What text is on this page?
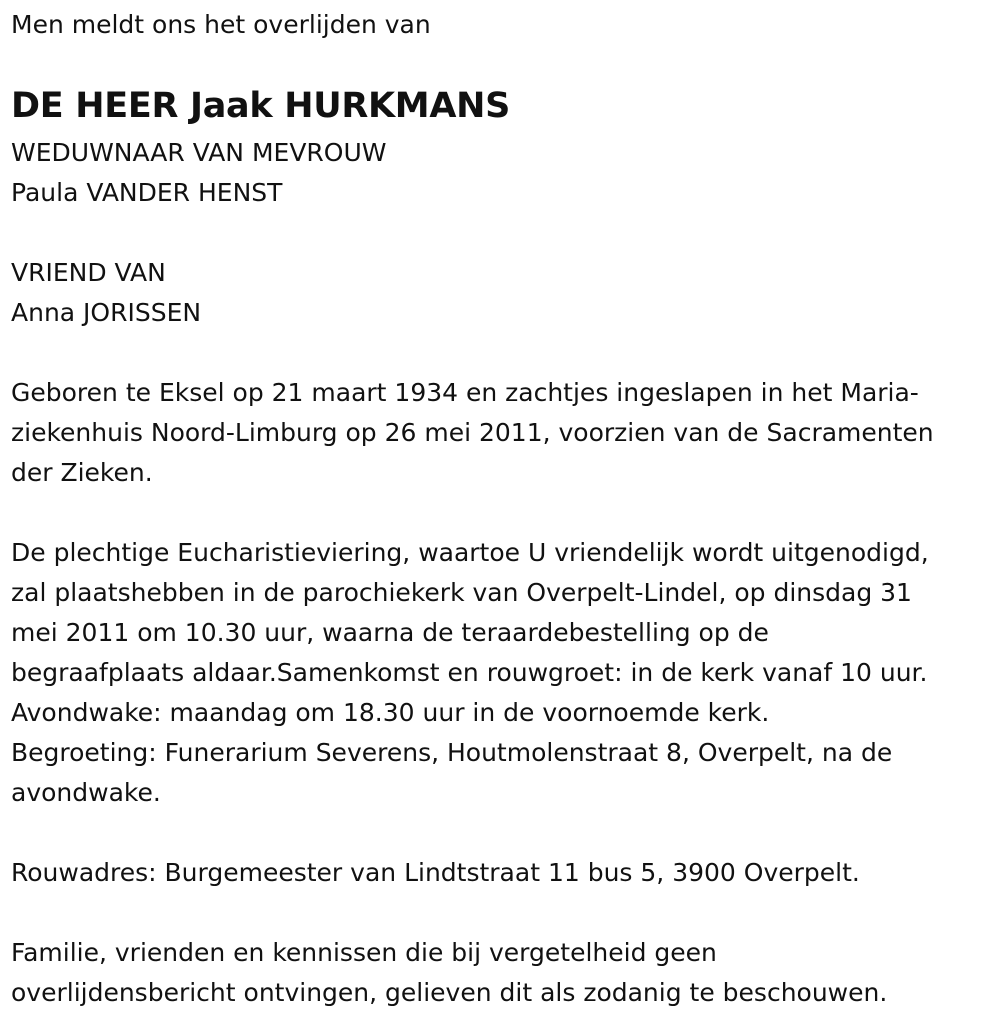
Men meldt ons het overlijden van
DE HEER Jaak HURKMANS
WEDUWNAAR VAN MEVROUW
Paula VANDER HENST
VRIEND VAN
Anna JORISSEN
Geboren te Eksel op 21 maart 1934 en zachtjes ingeslapen in het Maria-
ziekenhuis Noord-Limburg op 26 mei 2011, voorzien van de Sacramenten
der Zieken.
De plechtige Eucharistieviering, waartoe U vriendelijk wordt uitgenodigd,
zal plaatshebben in de parochiekerk van Overpelt-Lindel, op dinsdag 31
mei 2011 om 10.30 uur, waarna de teraardebestelling op de
begraafplaats aldaar.Samenkomst en rouwgroet: in de kerk vanaf 10 uur.
Avondwake: maandag om 18.30 uur in de voornoemde kerk.
Begroeting: Funerarium Severens, Houtmolenstraat 8, Overpelt, na de
avondwake.
Rouwadres: Burgemeester van Lindtstraat 11 bus 5, 3900 Overpelt.
Familie, vrienden en kennissen die bij vergetelheid geen
overlijdensbericht ontvingen, gelieven dit als zodanig te beschouwen.
